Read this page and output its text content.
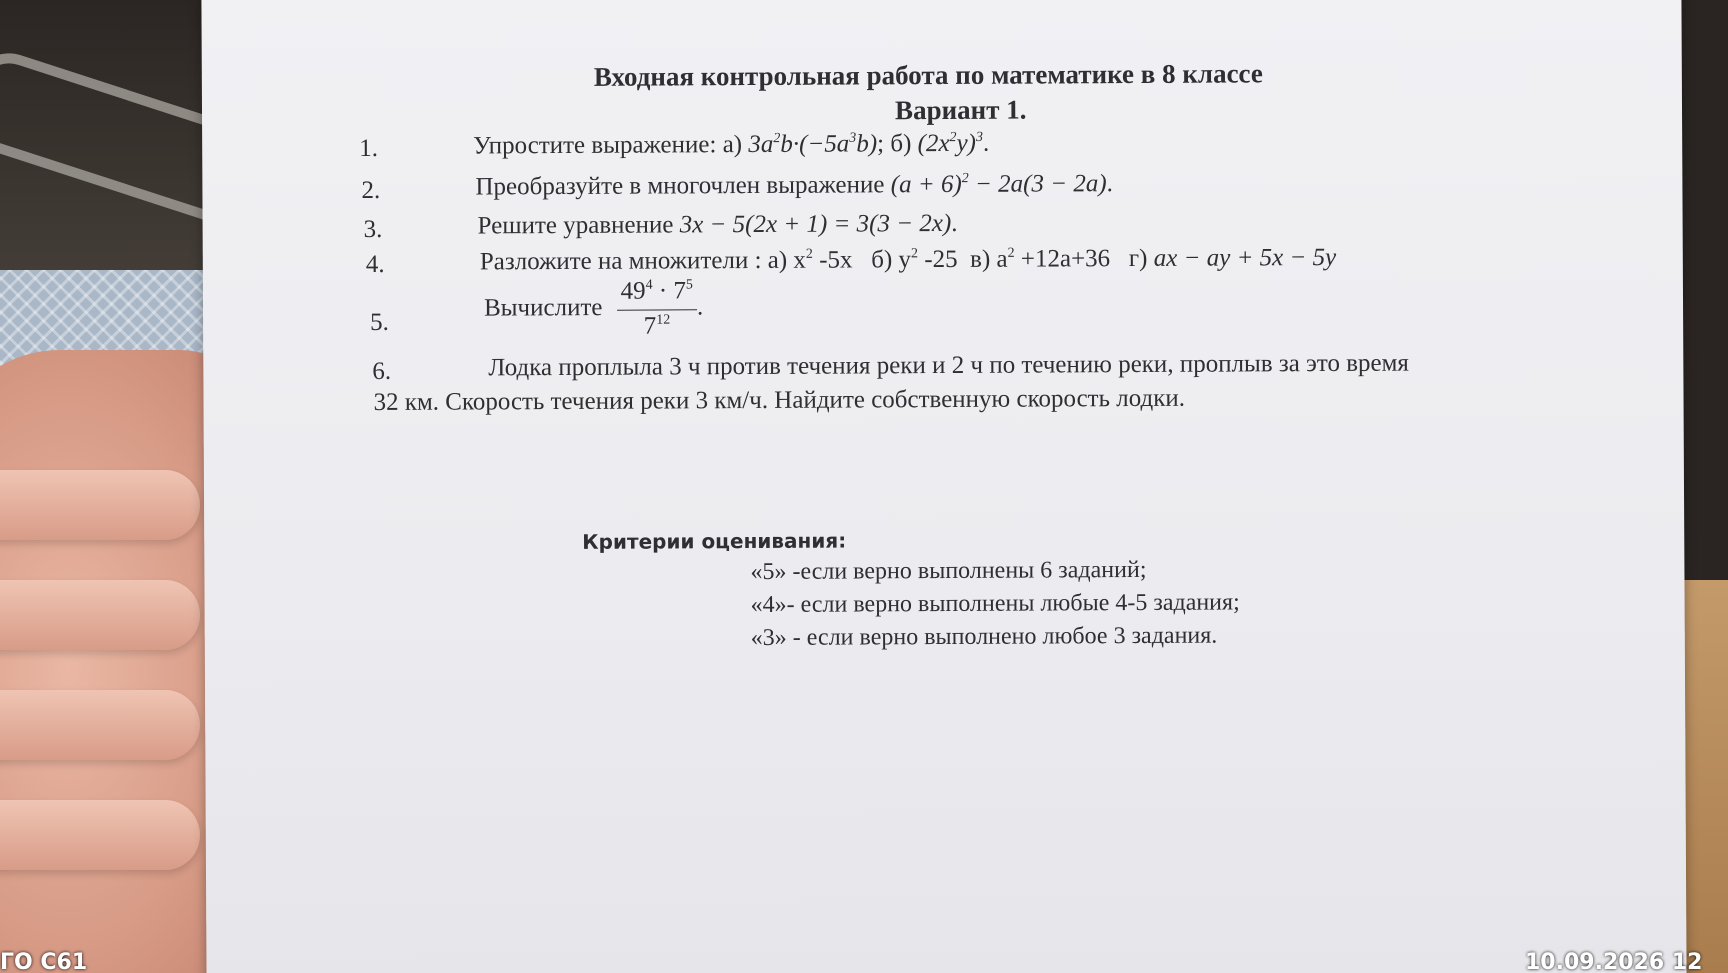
Входная контрольная работа по математике в 8 классе
Вариант 1.
1.	Упростите выражение: а) $3a^2b\cdot(-5a^3b)$; б) $(2x^2y)^3$.
2.	Преобразуйте в многочлен выражение $(a + 6)^2 - 2a(3 - 2a)$.
3.	Решите уравнение 3x − 5(2x + 1) = 3(3 − 2x).
4.	Разложите на множители : а) $x^2$ -5x   б) $y^2$ -25  в) $a^2 +12a+36$   г) ax − ay + 5x − 5y
5.
Вычислите $\frac{49^4 \cdot 7^5}{7^{12}}$ .
6.	Лодка проплыла 3 ч против течения реки и 2 ч по течению реки, проплыв за это время
32 км. Скорость течения реки 3 км/ч. Найдите собственную скорость лодки.
Критерии оценивания:
«5» -если верно выполнены 6 заданий;
«4»- если верно выполнены любые 4-5 задания;
«3» - если верно выполнено любое 3 задания.
ГО С61	10.09.2026 12
